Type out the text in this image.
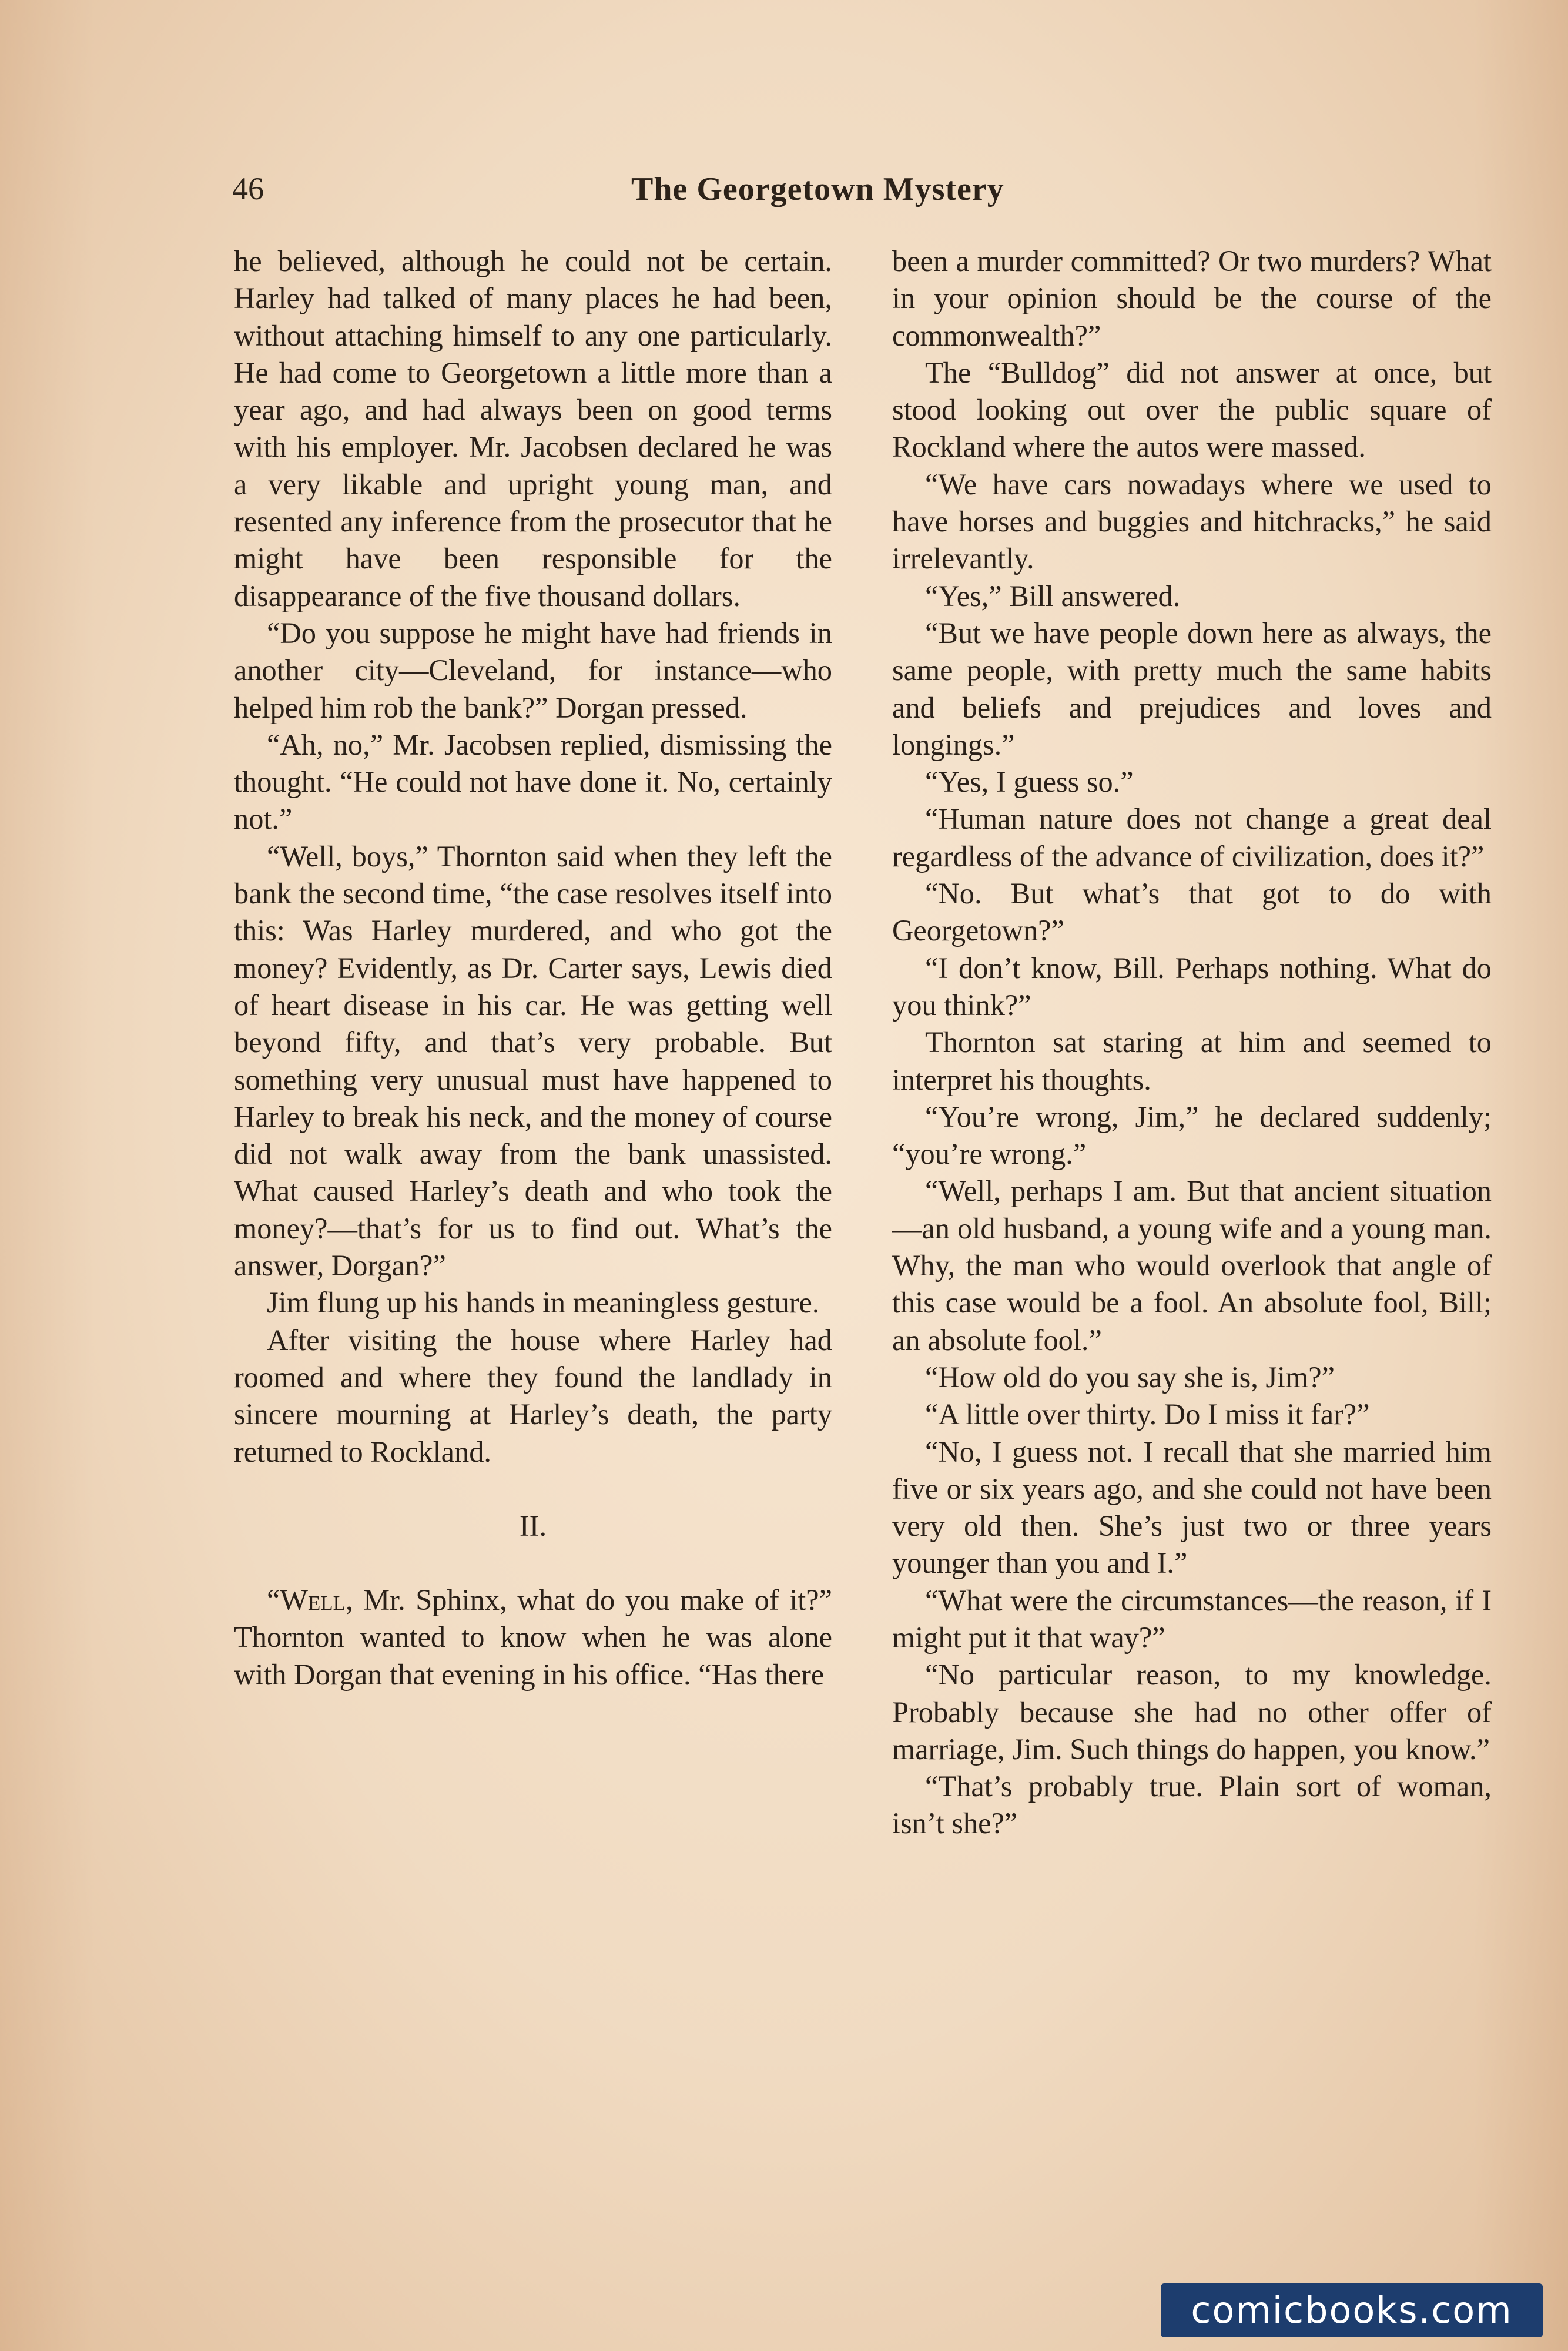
46	The Georgetown Mystery

he believed, although he could not be certain. Harley had talked of many places he had been, without attaching himself to any one particularly. He had come to Georgetown a little more than a year ago, and had always been on good terms with his employer. Mr. Jacobsen declared he was a very likable and upright young man, and resented any inference from the prosecutor that he might have been responsible for the disappearance of the five thousand dollars.

“Do you suppose he might have had friends in another city—Cleveland, for instance—who helped him rob the bank?” Dorgan pressed.

“Ah, no,” Mr. Jacobsen replied, dismissing the thought. “He could not have done it. No, certainly not.”

“Well, boys,” Thornton said when they left the bank the second time, “the case resolves itself into this: Was Harley murdered, and who got the money? Evidently, as Dr. Carter says, Lewis died of heart disease in his car. He was getting well beyond fifty, and that’s very probable. But something very unusual must have happened to Harley to break his neck, and the money of course did not walk away from the bank unassisted. What caused Harley’s death and who took the money?—that’s for us to find out. What’s the answer, Dorgan?”

Jim flung up his hands in meaningless gesture.

After visiting the house where Harley had roomed and where they found the landlady in sincere mourning at Harley’s death, the party returned to Rockland.

II.

“Well, Mr. Sphinx, what do you make of it?” Thornton wanted to know when he was alone with Dorgan that evening in his office. “Has there

been a murder committed? Or two murders? What in your opinion should be the course of the commonwealth?”

The “Bulldog” did not answer at once, but stood looking out over the public square of Rockland where the autos were massed.

“We have cars nowadays where we used to have horses and buggies and hitchracks,” he said irrelevantly.

“Yes,” Bill answered.

“But we have people down here as always, the same people, with pretty much the same habits and beliefs and prejudices and loves and longings.”

“Yes, I guess so.”

“Human nature does not change a great deal regardless of the advance of civilization, does it?”

“No. But what’s that got to do with Georgetown?”

“I don’t know, Bill. Perhaps nothing. What do you think?”

Thornton sat staring at him and seemed to interpret his thoughts.

“You’re wrong, Jim,” he declared suddenly; “you’re wrong.”

“Well, perhaps I am. But that ancient situation—an old husband, a young wife and a young man. Why, the man who would overlook that angle of this case would be a fool. An absolute fool, Bill; an absolute fool.”

“How old do you say she is, Jim?”

“A little over thirty. Do I miss it far?”

“No, I guess not. I recall that she married him five or six years ago, and she could not have been very old then. She’s just two or three years younger than you and I.”

“What were the circumstances—the reason, if I might put it that way?”

“No particular reason, to my knowledge. Probably because she had no other offer of marriage, Jim. Such things do happen, you know.”

“That’s probably true. Plain sort of woman, isn’t she?”

comicbooks.com
